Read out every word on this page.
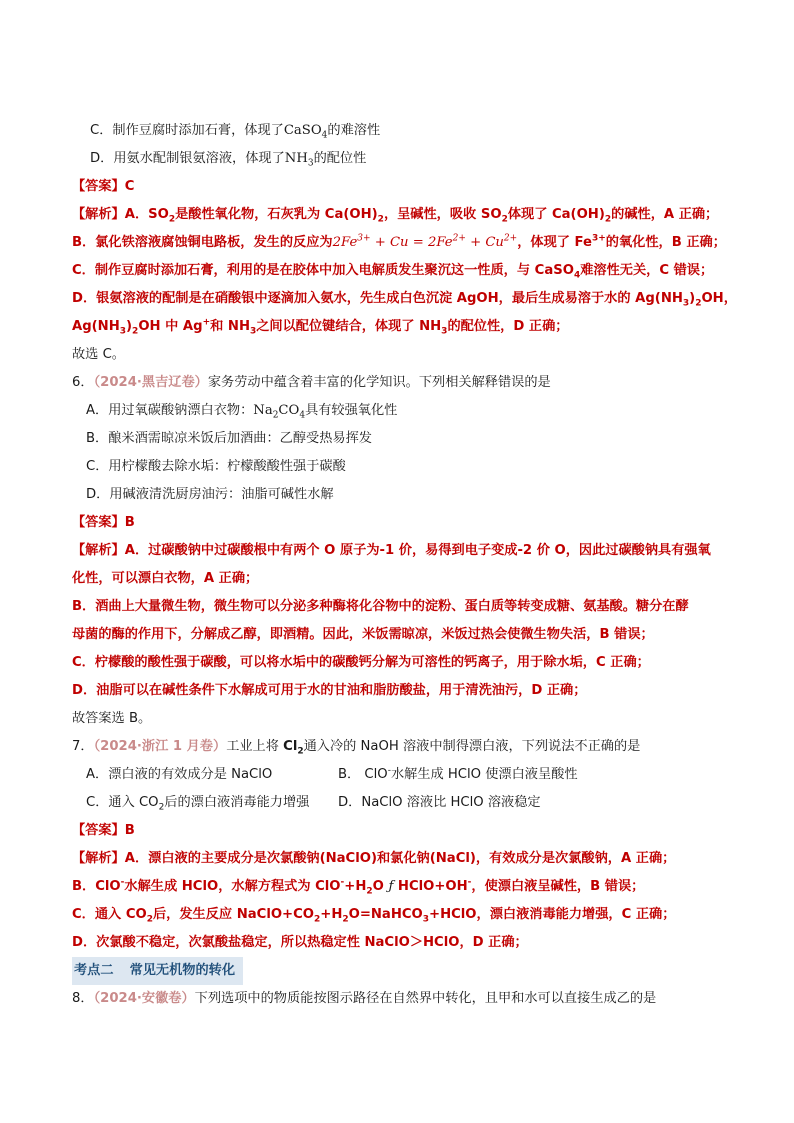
C．制作豆腐时添加石膏，体现了CaSO$_4$的难溶性
D．用氨水配制银氨溶液，体现了$NH_3$的配位性
【答案】C
【解析】A．$SO_2$是酸性氧化物，石灰乳为 $Ca(OH)_2$，呈碱性，吸收 $SO_2$体现了 $Ca(OH)_2$的碱性，A 正确；
B．氯化铁溶液腐蚀铜电路板，发生的反应为$2Fe^{3+} + Cu = 2Fe^{2+} + Cu^{2+}$，体现了 $Fe^{3+}$的氧化性，B 正确；
C．制作豆腐时添加石膏，利用的是在胶体中加入电解质发生聚沉这一性质，与 CaSO$_4$难溶性无关，C 错误；
D．银氨溶液的配制是在硝酸银中逐滴加入氨水，先生成白色沉淀 AgOH，最后生成易溶于水的 $Ag(NH_3)_2OH$，
$Ag(NH_3)_2OH$ 中 Ag+和 $NH_3$之间以配位键结合，体现了 $NH_3$的配位性，D 正确；
故选 C。
6．（2024·黑吉辽卷）家务劳动中蕴含着丰富的化学知识。下列相关解释错误的是
A．用过氧碳酸钠漂白衣物：$Na_2CO_4$具有较强氧化性
B．酿米酒需晾凉米饭后加酒曲：乙醇受热易挥发
C．用柠檬酸去除水垢：柠檬酸酸性强于碳酸
D．用碱液清洗厨房油污：油脂可碱性水解
【答案】B
【解析】A．过碳酸钠中过碳酸根中有两个 O 原子为-1 价，易得到电子变成-2 价 O，因此过碳酸钠具有强氧
化性，可以漂白衣物，A 正确；
B．酒曲上大量微生物，微生物可以分泌多种酶将化谷物中的淀粉、蛋白质等转变成糖、氨基酸。糖分在酵
母菌的酶的作用下，分解成乙醇，即酒精。因此，米饭需晾凉，米饭过热会使微生物失活，B 错误；
C．柠檬酸的酸性强于碳酸，可以将水垢中的碳酸钙分解为可溶性的钙离子，用于除水垢，C 正确；
D．油脂可以在碱性条件下水解成可用于水的甘油和脂肪酸盐，用于清洗油污，D 正确；
故答案选 B。
7．（2024·浙江 1 月卷）工业上将 $Cl_2$通入冷的 NaOH 溶液中制得漂白液，下列说法不正确的是
A．漂白液的有效成分是 NaClO	B． ClO-水解生成 HClO 使漂白液呈酸性
C．通入 $CO_2$后的漂白液消毒能力增强 D．NaClO 溶液比 HClO 溶液稳定
【答案】B
【解析】A．漂白液的主要成分是次氯酸钠(NaClO)和氯化钠(NaCl)，有效成分是次氯酸钠，A 正确；
B．ClO-水解生成 HClO，水解方程式为 $ClO^-+H_2O$ ƒ HClO+OH-，使漂白液呈碱性，B 错误；
C．通入 $CO_2$后，发生反应 $NaClO+CO_2+H_2O=NaHCO_3+HClO$，漂白液消毒能力增强，C 正确；
D．次氯酸不稳定，次氯酸盐稳定，所以热稳定性 NaClO＞HClO，D 正确；
考点二 常见无机物的转化
8．（2024·安徽卷）下列选项中的物质能按图示路径在自然界中转化，且甲和水可以直接生成乙的是
